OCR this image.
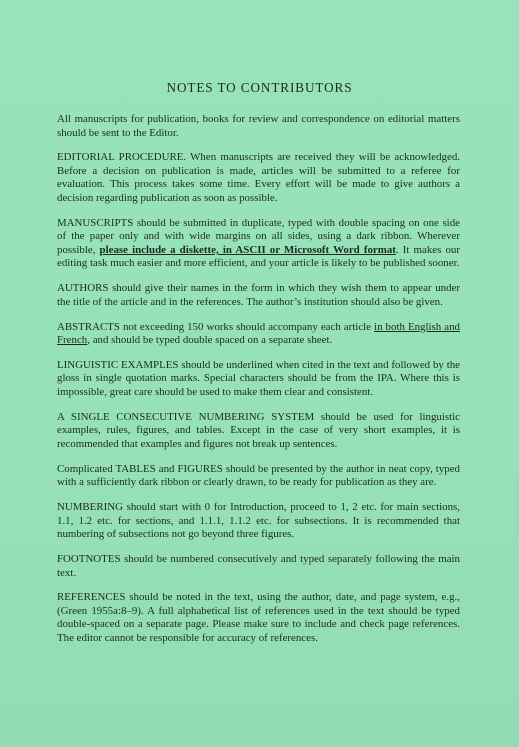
NOTES TO CONTRIBUTORS

All manuscripts for publication, books for review and correspondence on editorial matters should be sent to the Editor.

EDITORIAL PROCEDURE. When manuscripts are received they will be acknowledged. Before a decision on publication is made, articles will be submitted to a referee for evaluation. This process takes some time. Every effort will be made to give authors a decision regarding publication as soon as possible.

MANUSCRIPTS should be submitted in duplicate, typed with double spacing on one side of the paper only and with wide margins on all sides, using a dark ribbon. Wherever possible, please include a diskette, in ASCII or Microsoft Word format. It makes our editing task much easier and more efficient, and your article is likely to be published sooner.

AUTHORS should give their names in the form in which they wish them to appear under the title of the article and in the references. The author’s institution should also be given.

ABSTRACTS not exceeding 150 works should accompany each article in both English and French, and should be typed double spaced on a separate sheet.

LINGUISTIC EXAMPLES should be underlined when cited in the text and followed by the gloss in single quotation marks. Special characters should be from the IPA. Where this is impossible, great care should be used to make them clear and consistent.

A SINGLE CONSECUTIVE NUMBERING SYSTEM should be used for linguistic examples, rules, figures, and tables. Except in the case of very short examples, it is recommended that examples and figures not break up sentences.

Complicated TABLES and FIGURES should be presented by the author in neat copy, typed with a sufficiently dark ribbon or clearly drawn, to be ready for publication as they are.

NUMBERING should start with 0 for Introduction, proceed to 1, 2 etc. for main sections, 1.1, 1.2 etc. for sections, and 1.1.1, 1.1.2 etc. for subsections. It is recommended that numbering of subsections not go beyond three figures.

FOOTNOTES should be numbered consecutively and typed separately following the main text.

REFERENCES should be noted in the text, using the author, date, and page system, e.g., (Green 1955a:8–9). A full alphabetical list of references used in the text should be typed double-spaced on a separate page. Please make sure to include and check page references. The editor cannot be responsible for accuracy of references.
